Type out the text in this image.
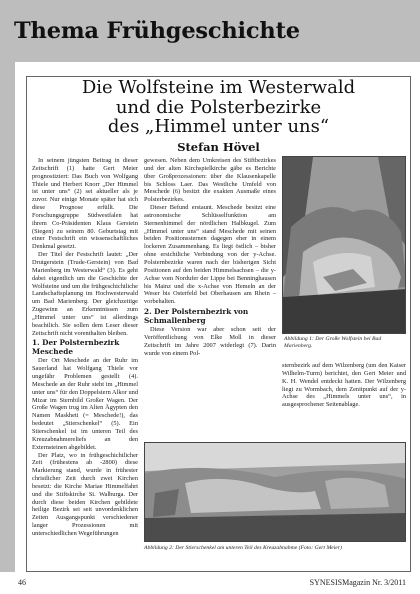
Thema Frühgeschichte
Die Wolfsteine im Westerwald
und die Polsterbezirke
des „Himmel unter uns“
Stefan Hövel

In seinem jüngsten Beitrag in dieser Zeitschrift (1) hatte Gert Meier prognostiziert: Das Buch von Wolfgang Thiele und Herbert Knorr „Der Himmel ist unter uns“ (2) sei aktueller als je zuvor. Nur einige Monate später hat sich diese Prognose erfüllt. Die Forschungsgruppe Südwestfalen hat ihrem Co-Präsidenten Klaus Gerstein (Siegen) zu seinem 80. Geburtstag mit einer Festschrift ein wissenschaftliches Denkmal gesetzt.

Der Titel der Festschrift lautet: „Der Drutgerstein (Trude-Gerstein) von Bad Marienberg im Westerwald“ (3). Es geht dabei eigentlich um die Geschichte der Wolfsteine und um die frühgeschichtliche Landschaftsplanung im Hochwesterwald um Bad Marienberg. Der gleichzeitige Zugewinn an Erkenntnissen zum „Himmel unter uns“ ist allerdings beachtlich. Sie sollen dem Leser dieser Zeitschrift nicht vorenthalten bleiben.

1. Der Polsternbezirk Meschede

Der Ort Meschede an der Ruhr im Sauerland hat Wolfgang Thiele vor ungefähr Problemen gestellt (4). Meschede an der Ruhr steht im „Himmel unter uns“ für den Doppelstern Alkor und Mizar im Sternbild Großer Wagen. Der Große Wagen trug im Alten Ägypten den Namen Maskheti (= Meschede!), das bedeutet „Stierschenkel“ (5). Ein Stierschenkel ist im unteren Teil des Kreuzabnahmereliefs an den Externsteinen abgebildet.

Der Platz, wo in frühgeschichtlicher Zeit (frühestens ab -2800) diese Markierung stand, wurde in frühester christlicher Zeit durch zwei Kirchen besetzt: die Kirche Mariae Himmelfahrt und die Stiftskirche St. Walburga. Der durch diese beiden Kirchen gebildete heilige Bezirk sei seit unvordenklichen Zeiten Ausgangspunkt verschiedener langer Prozessionen mit unterschiedlichen Wegeführungen

gewesen. Neben dem Umkreisen des Stiftbezirkes und der alten Kirchspielkirche gäbe es Berichte über Großprozessionen: über die Klausenkapelle bis Schloss Laer. Das Westliche Umfeld von Meschede (6) besitzt die exakten Ausmaße eines Polsterbezirkes.

Dieser Befund erstaunt. Meschede besitzt eine astronomische Schlüsselfunktion am Sternenhimmel der nördlichen Halbkugel. Zum „Himmel unter uns“ stand Meschede mit seinen beiden Positionssternen dagegen eher in einem lockeren Zusammenhang. Es liegt östlich – bisher ohne ersichtliche Verbindung von der y-Achse. Polsternbezirke waren nach der bisherigen Sicht Positionen auf den beiden Himmelsachsen – die y-Achse vom Nordufer der Lippe bei Benninghausen bis Mainz und die x-Achse von Hemeln an der Weser bis Osterfeld bei Oberhausen am Rhein – vorbehalten.

2. Der Polsternbezirk von Schmallenberg

Diese Version war aber schon seit der Veröffentlichung von Elke Moll in dieser Zeitschrift im Jahre 2007 widerlegt (7). Darin wurde von einem Pol-

Abbildung 1: Der Große Wolfstein bei Bad Marienberg.

sternbezirk auf dem Wilzenberg (um den Kaiser Wilhelm-Turm) berichtet, den Gert Meier und K. H. Wendel entdeckt hatten. Der Wilzenberg liegt zu Wormbach, dem Zenitpunkt auf der y-Achse des „Himmels unter uns“, in ausgesprochener Seitenablage.

Abbildung 2: Der Stierschenkel am unteren Teil des Kreuzabnahme (Foto: Gert Meier)
46	SYNESISMagazin Nr. 3/2011
